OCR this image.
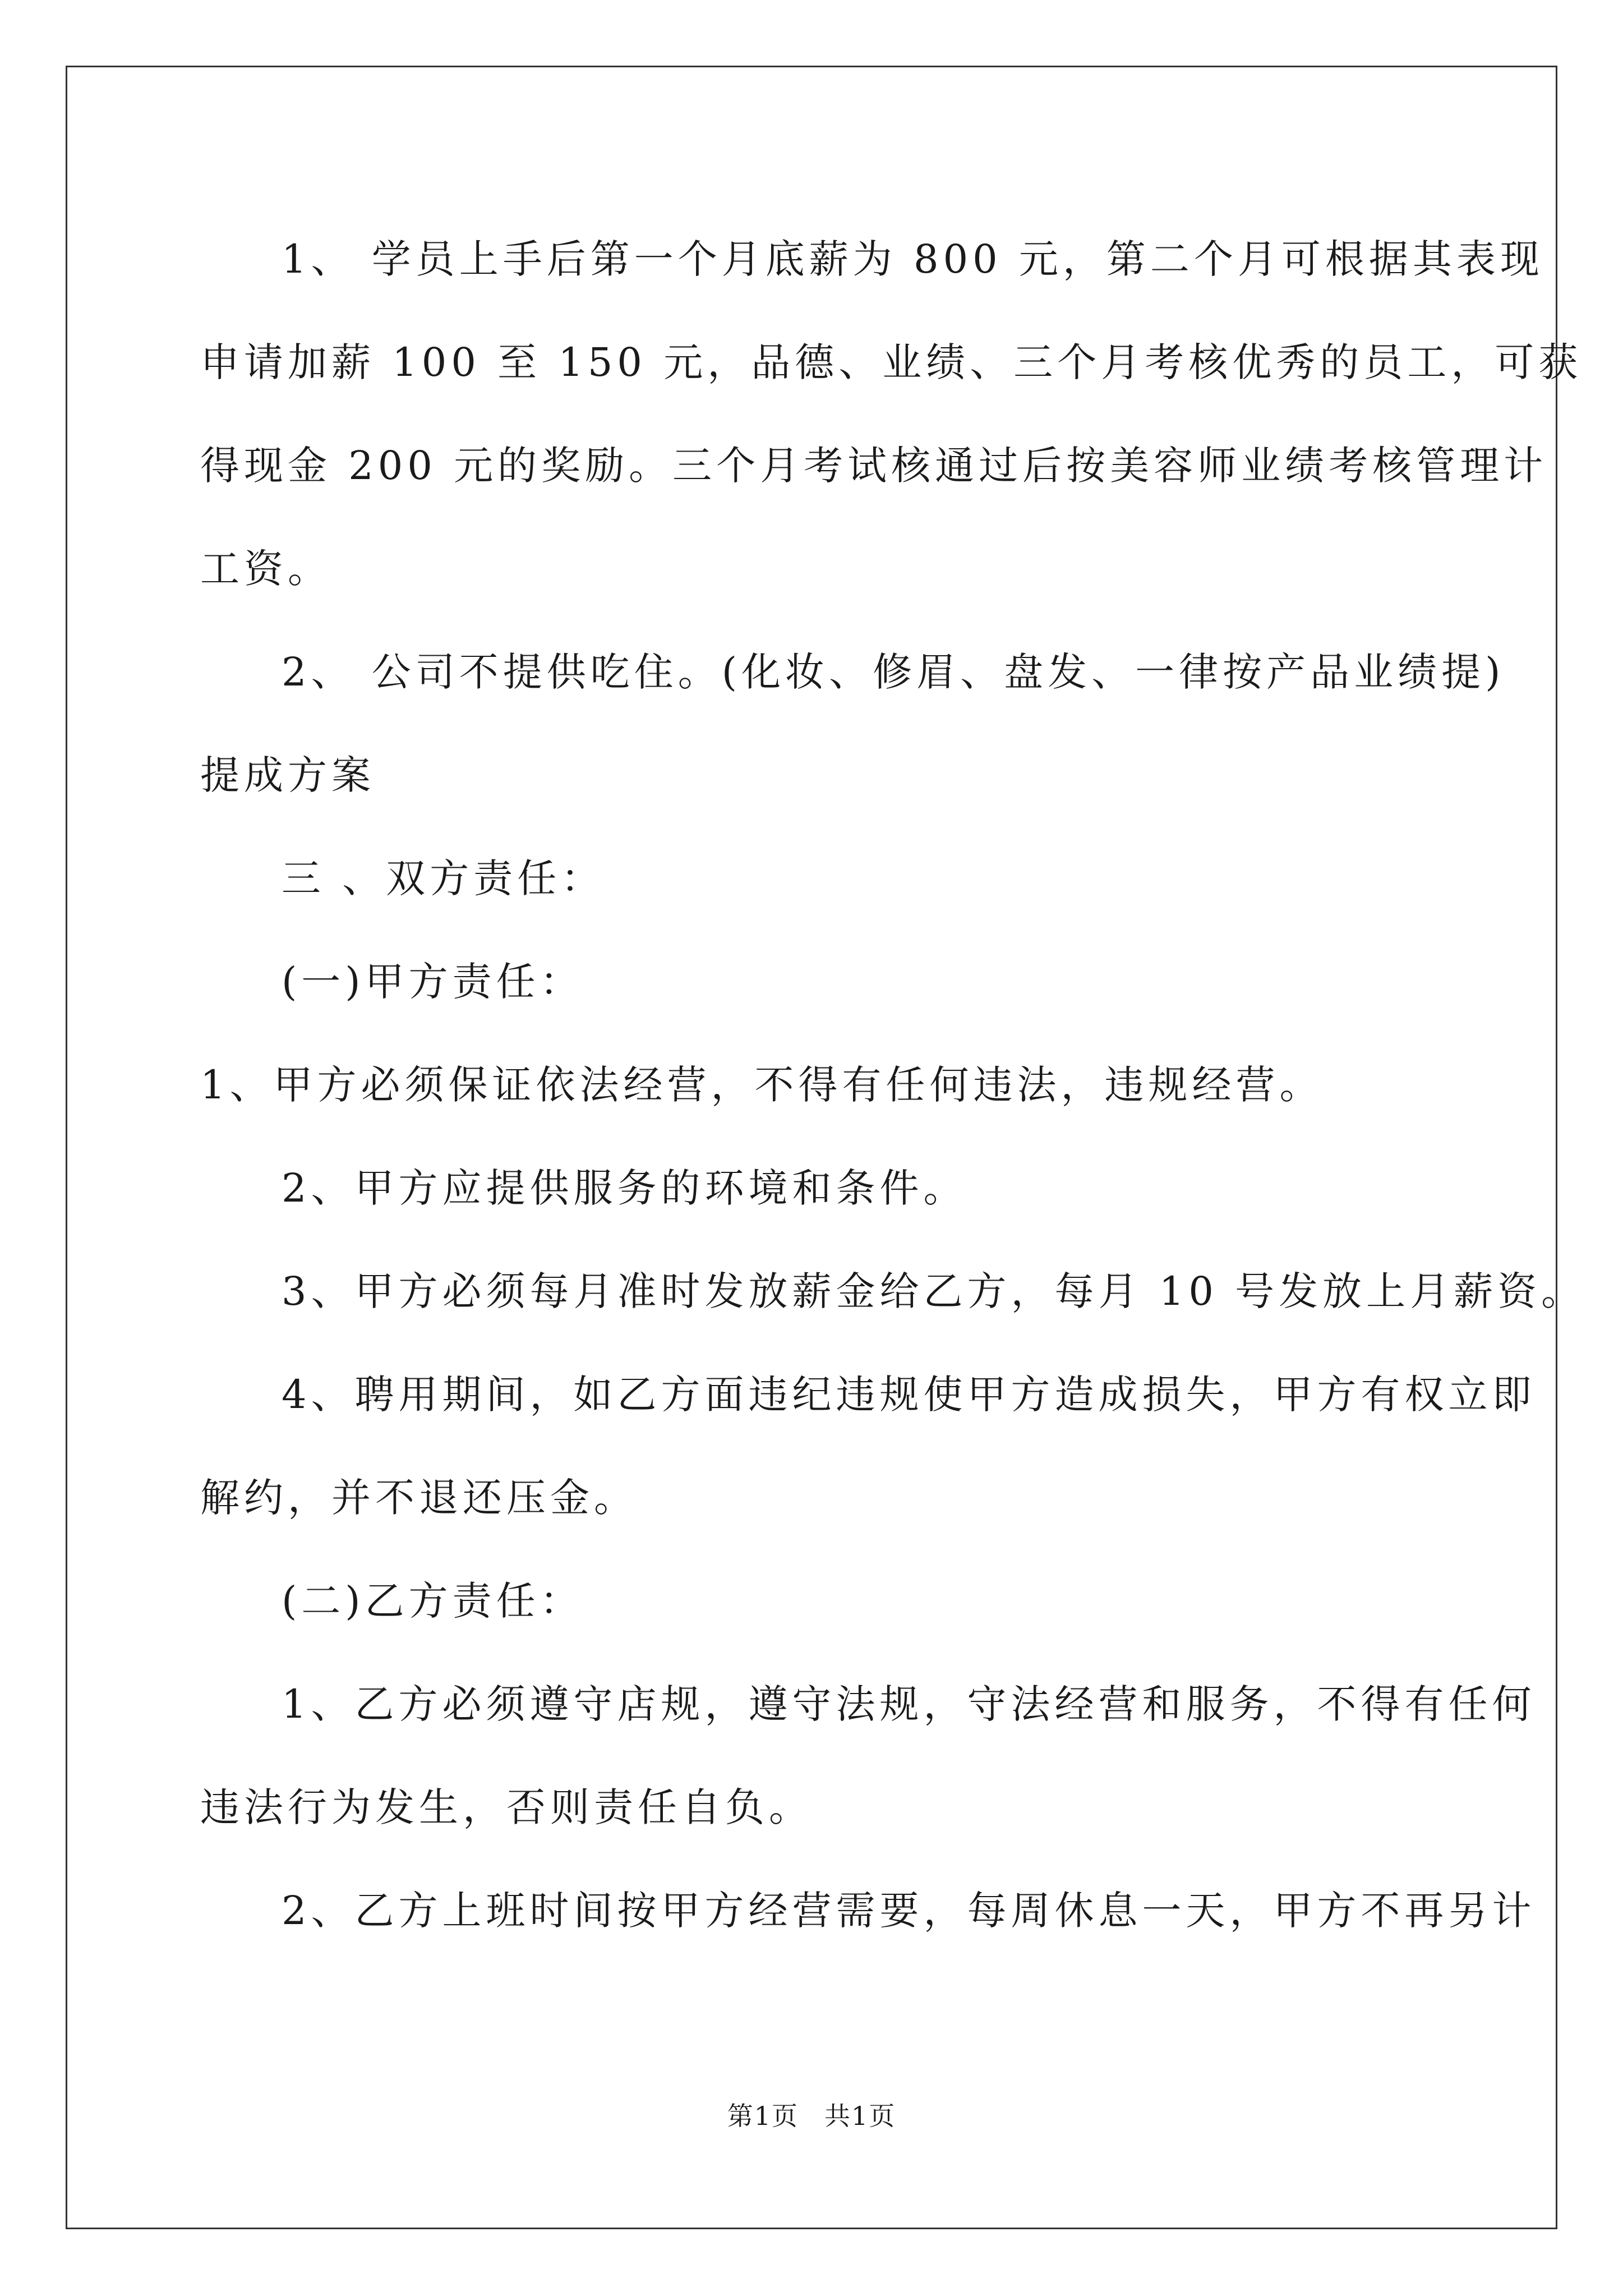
1、 学员上手后第一个月底薪为 800 元，第二个月可根据其表现

申请加薪 100 至 150 元，品德、业绩、三个月考核优秀的员工，可获

得现金 200 元的奖励。三个月考试核通过后按美容师业绩考核管理计

工资。

2、 公司不提供吃住。(化妆、修眉、盘发、一律按产品业绩提)

提成方案

三 、双方责任：

(一)甲方责任：

1、甲方必须保证依法经营，不得有任何违法，违规经营。

2、甲方应提供服务的环境和条件。

3、甲方必须每月准时发放薪金给乙方，每月 10 号发放上月薪资。

4、聘用期间，如乙方面违纪违规使甲方造成损失，甲方有权立即

解约，并不退还压金。

(二)乙方责任：

1、乙方必须遵守店规，遵守法规，守法经营和服务，不得有任何

违法行为发生，否则责任自负。

2、乙方上班时间按甲方经营需要，每周休息一天，甲方不再另计

第1页 共1页
